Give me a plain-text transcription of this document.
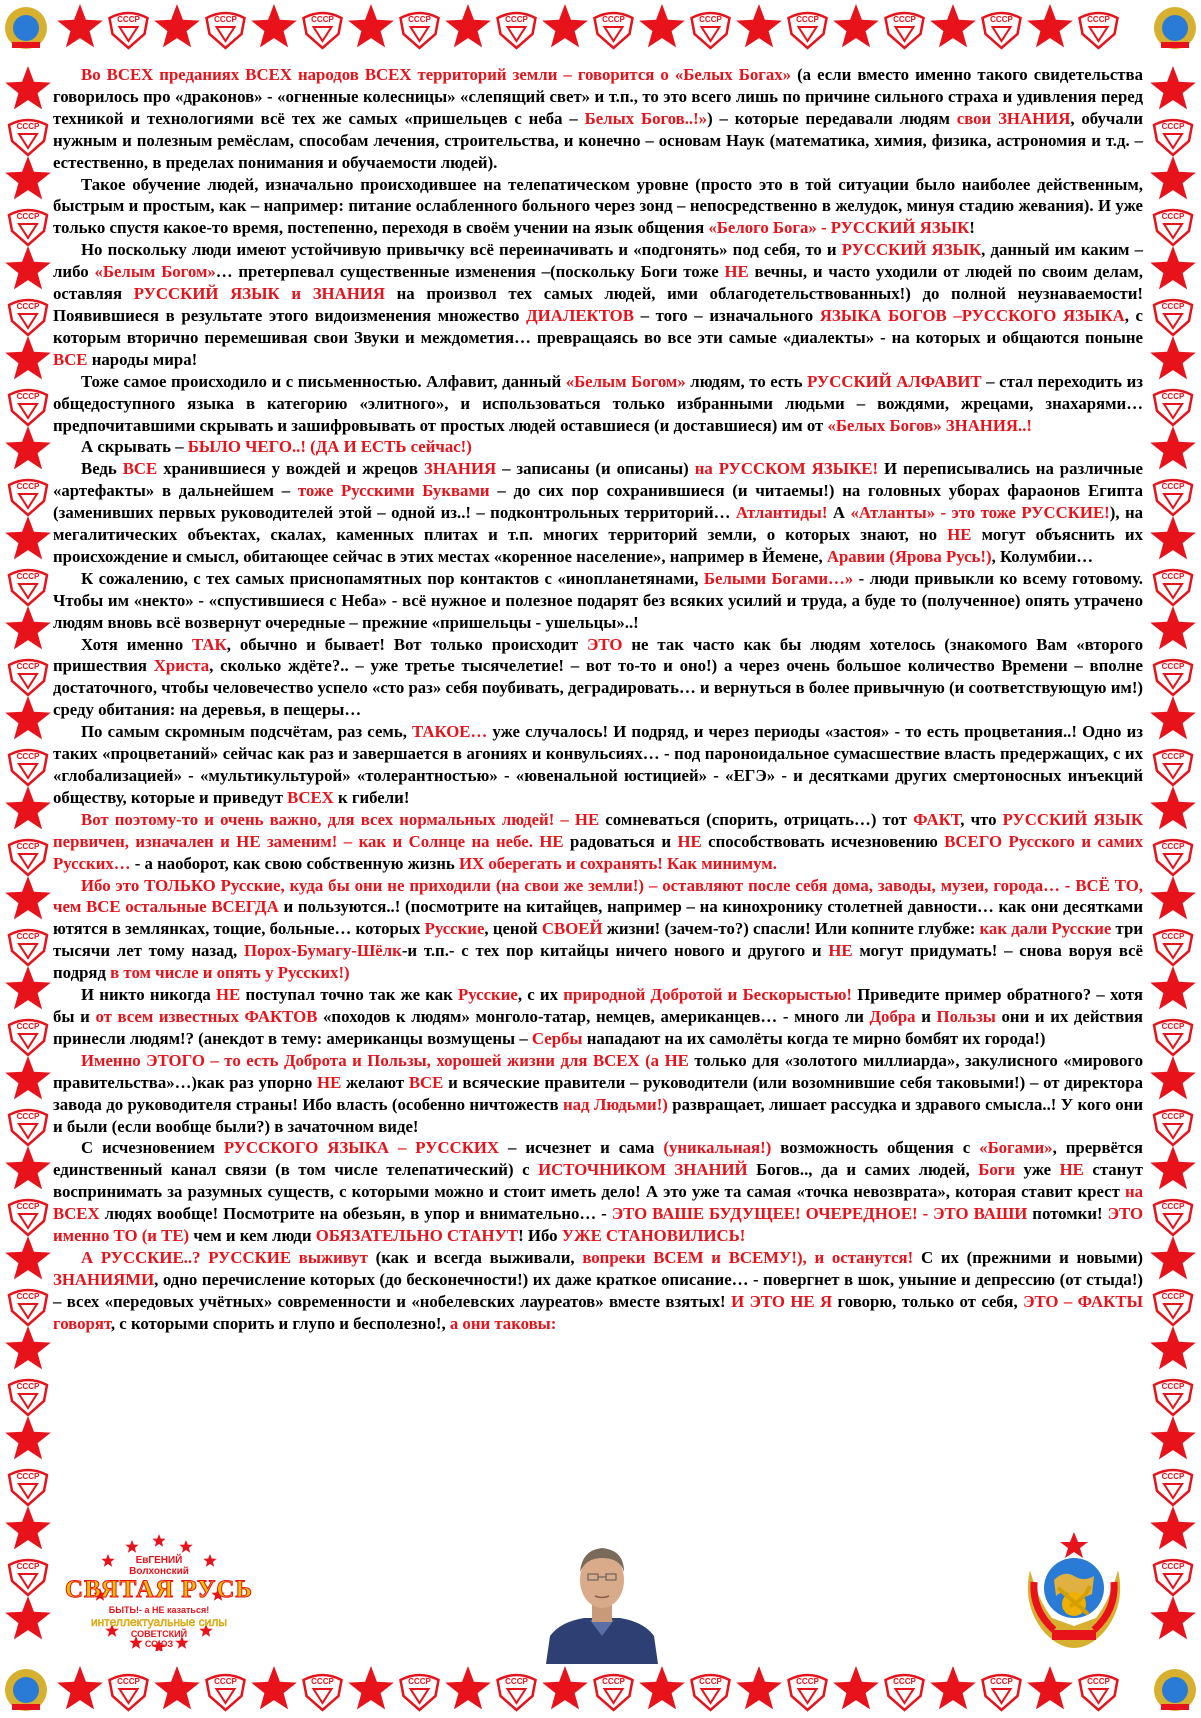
СССР	СССР	СССР	СССР	СССР	СССР	СССР	СССР	СССР	СССР	СССР
СССР	СССР	СССР	СССР	СССР	СССР	СССР	СССР	СССР	СССР	СССР
СССР
СССР
СССР
СССР
СССР
СССР
СССР
СССР
СССР
СССР
СССР
СССР
СССР
СССР
СССР
СССР
СССР
СССР
СССР
СССР
СССР
СССР
СССР
СССР
СССР
СССР
СССР
СССР
СССР
СССР
СССР
СССР
СССР
СССР

Во ВСЕХ преданиях ВСЕХ народов ВСЕХ территорий земли – говорится о «Белых Богах» (а если вместо именно такого свидетельства говорилось про «драконов» - «огненные колесницы» «слепящий свет» и т.п., то это всего лишь по причине сильного страха и удивления перед техникой и технологиями всё тех же самых «пришельцев с неба – Белых Богов..!») – которые передавали людям свои ЗНАНИЯ, обучали нужным и полезным ремёслам, способам лечения, строительства, и конечно – основам Наук (математика, химия, физика, астрономия и т.д. – естественно, в пределах понимания и обучаемости людей).

Такое обучение людей, изначально происходившее на телепатическом уровне (просто это в той ситуации было наиболее действенным, быстрым и простым, как – например: питание ослабленного больного через зонд – непосредственно в желудок, минуя стадию жевания). И уже только спустя какое-то время, постепенно, переходя в своём учении на язык общения «Белого Бога» - РУССКИЙ ЯЗЫК!

Но поскольку люди имеют устойчивую привычку всё переиначивать и «подгонять» под себя, то и РУССКИЙ ЯЗЫК, данный им каким – либо «Белым Богом»… претерпевал существенные изменения –(поскольку Боги тоже НЕ вечны, и часто уходили от людей по своим делам, оставляя РУССКИЙ ЯЗЫК и ЗНАНИЯ на произвол тех самых людей, ими облагодетельствованных!) до полной неузнаваемости! Появившиеся в результате этого видоизменения множество ДИАЛЕКТОВ – того – изначального ЯЗЫКА БОГОВ –РУССКОГО ЯЗЫКА, с которым вторично перемешивая свои Звуки и междометия… превращаясь во все эти самые «диалекты» - на которых и общаются поныне ВСЕ народы мира!

Тоже самое происходило и с письменностью. Алфавит, данный «Белым Богом» людям, то есть РУССКИЙ АЛФАВИТ – стал переходить из общедоступного языка в категорию «элитного», и использоваться только избранными людьми – вождями, жрецами, знахарями… предпочитавшими скрывать и зашифровывать от простых людей оставшиеся (и доставшиеся) им от «Белых Богов» ЗНАНИЯ..!

А скрывать – БЫЛО ЧЕГО..! (ДА И ЕСТЬ сейчас!)

Ведь ВСЕ хранившиеся у вождей и жрецов ЗНАНИЯ – записаны (и описаны) на РУССКОМ ЯЗЫКЕ! И переписывались на различные «артефакты» в дальнейшем – тоже Русскими Буквами – до сих пор сохранившиеся (и читаемы!) на головных уборах фараонов Египта (заменивших первых руководителей этой – одной из..! – подконтрольных территорий… Атлантиды! А «Атланты» - это тоже РУССКИЕ!), на мегалитических объектах, скалах, каменных плитах и т.п. многих территорий земли, о которых знают, но НЕ могут объяснить их происхождение и смысл, обитающее сейчас в этих местах «коренное население», например в Йемене, Аравии (Ярова Русь!), Колумбии…

К сожалению, с тех самых приснопамятных пор контактов с «инопланетянами, Белыми Богами…» - люди привыкли ко всему готовому. Чтобы им «некто» - «спустившиеся с Неба» - всё нужное и полезное подарят без всяких усилий и труда, а буде то (полученное) опять утрачено людям вновь всё возвернут очередные – прежние «пришельцы - ушельцы»..!

Хотя именно ТАК, обычно и бывает! Вот только происходит ЭТО не так часто как бы людям хотелось (знакомого Вам «второго пришествия Христа, сколько ждёте?.. – уже третье тысячелетие! – вот то-то и оно!) а через очень большое количество Времени – вполне достаточного, чтобы человечество успело «сто раз» себя поубивать, деградировать… и вернуться в более привычную (и соответствующую им!) среду обитания: на деревья, в пещеры…

По самым скромным подсчётам, раз семь, ТАКОЕ… уже случалось! И подряд, и через периоды «застоя» - то есть процветания..! Одно из таких «процветаний» сейчас как раз и завершается в агониях и конвульсиях… - под пароноидальное сумасшествие власть предержащих, с их «глобализацией» - «мультикультурой» «толерантностью» - «ювенальной юстицией» - «ЕГЭ» - и десятками других смертоносных инъекций обществу, которые и приведут ВСЕХ к гибели!

Вот поэтому-то и очень важно, для всех нормальных людей! – НЕ сомневаться (спорить, отрицать…) тот ФАКТ, что РУССКИЙ ЯЗЫК первичен, изначален и НЕ заменим! – как и Солнце на небе. НЕ радоваться и НЕ способствовать исчезновению ВСЕГО Русского и самих Русских… - а наоборот, как свою собственную жизнь ИХ оберегать и сохранять! Как минимум.

Ибо это ТОЛЬКО Русские, куда бы они не приходили (на свои же земли!) – оставляют после себя дома, заводы, музеи, города… - ВСЁ ТО, чем ВСЕ остальные ВСЕГДА и пользуются..! (посмотрите на китайцев, например – на кинохронику столетней давности… как они десятками ютятся в землянках, тощие, больные… которых Русские, ценой СВОЕЙ жизни! (зачем-то?) спасли! Или копните глубже: как дали Русские три тысячи лет тому назад, Порох-Бумагу-Шёлк-и т.п.- с тех пор китайцы ничего нового и другого и НЕ могут придумать! – снова воруя всё подряд в том числе и опять у Русских!)

И никто никогда НЕ поступал точно так же как Русские, с их природной Добротой и Бескорыстью! Приведите пример обратного? – хотя бы и от всем известных ФАКТОВ «походов к людям» монголо-татар, немцев, американцев… - много ли Добра и Пользы они и их действия принесли людям!? (анекдот в тему: американцы возмущены – Сербы нападают на их самолёты когда те мирно бомбят их города!)

Именно ЭТОГО – то есть Доброта и Пользы, хорошей жизни для ВСЕХ (а НЕ только для «золотого миллиарда», закулисного «мирового правительства»…)как раз упорно НЕ желают ВСЕ и всяческие правители – руководители (или возомнившие себя таковыми!) – от директора завода до руководителя страны! Ибо власть (особенно ничтожеств над Людьми!) развращает, лишает рассудка и здравого смысла..! У кого они и были (если вообще были?) в зачаточном виде!

С исчезновением РУССКОГО ЯЗЫКА – РУССКИХ – исчезнет и сама (уникальная!) возможность общения с «Богами», прервётся единственный канал связи (в том числе телепатический) с ИСТОЧНИКОМ ЗНАНИЙ Богов.., да и самих людей, Боги уже НЕ станут воспринимать за разумных существ, с которыми можно и стоит иметь дело! А это уже та самая «точка невозвратa», которая ставит крест на ВСЕХ людях вообще! Посмотрите на обезьян, в упор и внимательно… - ЭТО ВАШЕ БУДУЩЕЕ! ОЧЕРЕДНОЕ! - ЭТО ВАШИ потомки! ЭТО именно ТО (и ТЕ) чем и кем люди ОБЯЗАТЕЛЬНО СТАНУТ! Ибо УЖЕ СТАНОВИЛИСЬ!

А РУССКИЕ..? РУССКИЕ выживут (как и всегда выживали, вопреки ВСЕМ и ВСЕМУ!), и останутся! С их (прежними и новыми) ЗНАНИЯМИ, одно перечисление которых (до бесконечности!) их даже краткое описание… - повергнет в шок, уныние и депрессию (от стыда!) – всех «передовых учётных» современности и «нобелевских лауреатов» вместе взятых! И ЭТО НЕ Я говорю, только от себя, ЭТО – ФАКТЫ говорят, с которыми спорить и глупо и бесполезно!, а они таковы:

ЕвГЕНИЙ
Волхонский
СВЯТАЯ РУСЬ
БЫТЬ!- а НЕ казаться!
интеллектуальные силы
СОВЕТСКИЙ
СОЮЗ
